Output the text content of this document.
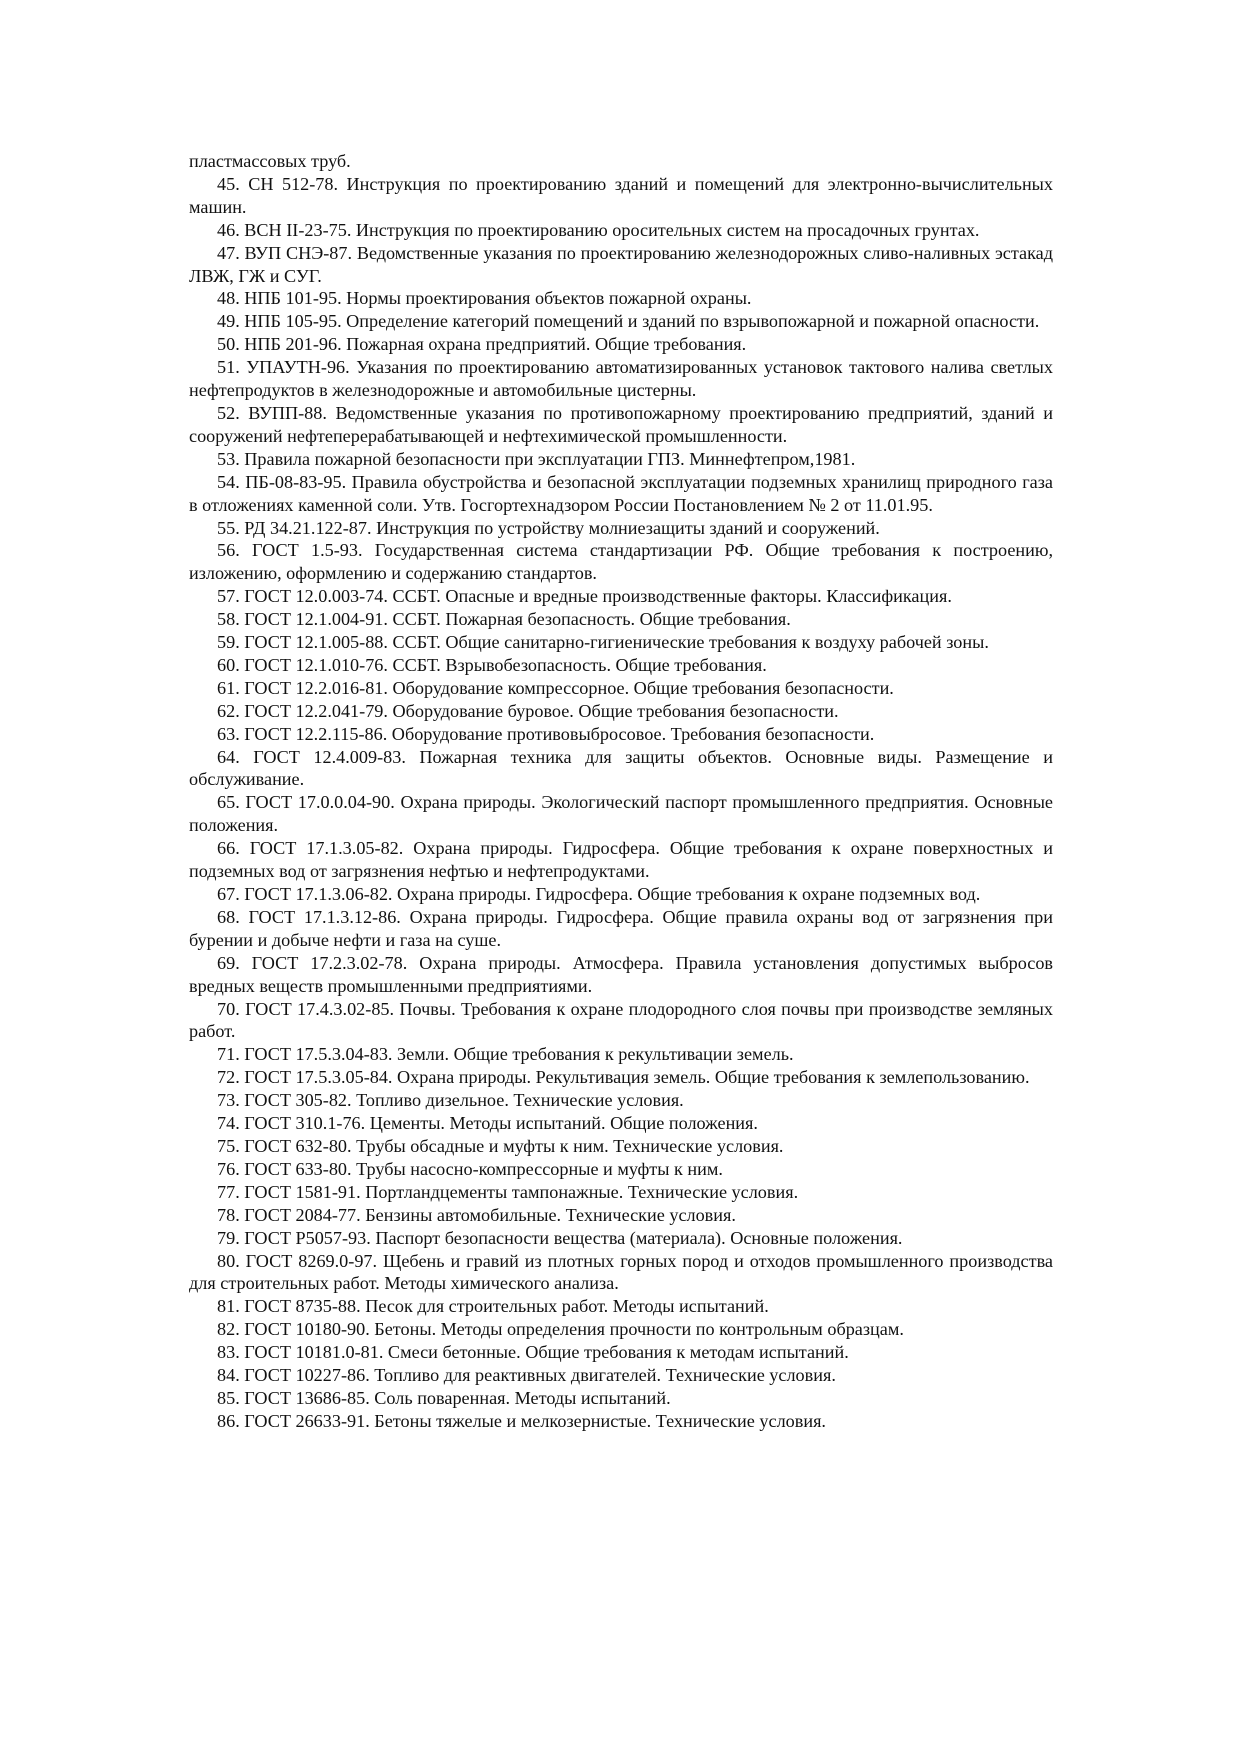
пластмассовых труб.

45. СН 512-78. Инструкция по проектированию зданий и помещений для электронно-вычислительных машин.

46. ВСН II-23-75. Инструкция по проектированию оросительных систем на просадочных грунтах.

47. ВУП СНЭ-87. Ведомственные указания по проектированию железнодорожных сливо-наливных эстакад ЛВЖ, ГЖ и СУГ.

48. НПБ 101-95. Нормы проектирования объектов пожарной охраны.

49. НПБ 105-95. Определение категорий помещений и зданий по взрывопожарной и пожарной опасности.

50. НПБ 201-96. Пожарная охрана предприятий. Общие требования.

51. УПАУТН-96. Указания по проектированию автоматизированных установок тактового налива светлых нефтепродуктов в железнодорожные и автомобильные цистерны.

52. ВУПП-88. Ведомственные указания по противопожарному проектированию предприятий, зданий и сооружений нефтеперерабатывающей и нефтехимической промышленности.

53. Правила пожарной безопасности при эксплуатации ГПЗ. Миннефтепром,1981.

54. ПБ-08-83-95. Правила обустройства и безопасной эксплуатации подземных хранилищ природного газа в отложениях каменной соли. Утв. Госгортехнадзором России Постановлением № 2 от 11.01.95.

55. РД 34.21.122-87. Инструкция по устройству молниезащиты зданий и сооружений.

56. ГОСТ 1.5-93. Государственная система стандартизации РФ. Общие требования к построению, изложению, оформлению и содержанию стандартов.

57. ГОСТ 12.0.003-74. ССБТ. Опасные и вредные производственные факторы. Классификация.

58. ГОСТ 12.1.004-91. ССБТ. Пожарная безопасность. Общие требования.

59. ГОСТ 12.1.005-88. ССБТ. Общие санитарно-гигиенические требования к воздуху рабочей зоны.

60. ГОСТ 12.1.010-76. ССБТ. Взрывобезопасность. Общие требования.

61. ГОСТ 12.2.016-81. Оборудование компрессорное. Общие требования безопасности.

62. ГОСТ 12.2.041-79. Оборудование буровое. Общие требования безопасности.

63. ГОСТ 12.2.115-86. Оборудование противовыбросовое. Требования безопасности.

64. ГОСТ 12.4.009-83. Пожарная техника для защиты объектов. Основные виды. Размещение и обслуживание.

65. ГОСТ 17.0.0.04-90. Охрана природы. Экологический паспорт промышленного предприятия. Основные положения.

66. ГОСТ 17.1.3.05-82. Охрана природы. Гидросфера. Общие требования к охране поверхностных и подземных вод от загрязнения нефтью и нефтепродуктами.

67. ГОСТ 17.1.3.06-82. Охрана природы. Гидросфера. Общие требования к охране подземных вод.

68. ГОСТ 17.1.3.12-86. Охрана природы. Гидросфера. Общие правила охраны вод от загрязнения при бурении и добыче нефти и газа на суше.

69. ГОСТ 17.2.3.02-78. Охрана природы. Атмосфера. Правила установления допустимых выбросов вредных веществ промышленными предприятиями.

70. ГОСТ 17.4.3.02-85. Почвы. Требования к охране плодородного слоя почвы при производстве земляных работ.

71. ГОСТ 17.5.3.04-83. Земли. Общие требования к рекультивации земель.

72. ГОСТ 17.5.3.05-84. Охрана природы. Рекультивация земель. Общие требования к землепользованию.

73. ГОСТ 305-82. Топливо дизельное. Технические условия.

74. ГОСТ 310.1-76. Цементы. Методы испытаний. Общие положения.

75. ГОСТ 632-80. Трубы обсадные и муфты к ним. Технические условия.

76. ГОСТ 633-80. Трубы насосно-компрессорные и муфты к ним.

77. ГОСТ 1581-91. Портландцементы тампонажные. Технические условия.

78. ГОСТ 2084-77. Бензины автомобильные. Технические условия.

79. ГОСТ Р5057-93. Паспорт безопасности вещества (материала). Основные положения.

80. ГОСТ 8269.0-97. Щебень и гравий из плотных горных пород и отходов промышленного производства для строительных работ. Методы химического анализа.

81. ГОСТ 8735-88. Песок для строительных работ. Методы испытаний.

82. ГОСТ 10180-90. Бетоны. Методы определения прочности по контрольным образцам.

83. ГОСТ 10181.0-81. Смеси бетонные. Общие требования к методам испытаний.

84. ГОСТ 10227-86. Топливо для реактивных двигателей. Технические условия.

85. ГОСТ 13686-85. Соль поваренная. Методы испытаний.

86. ГОСТ 26633-91. Бетоны тяжелые и мелкозернистые. Технические условия.
